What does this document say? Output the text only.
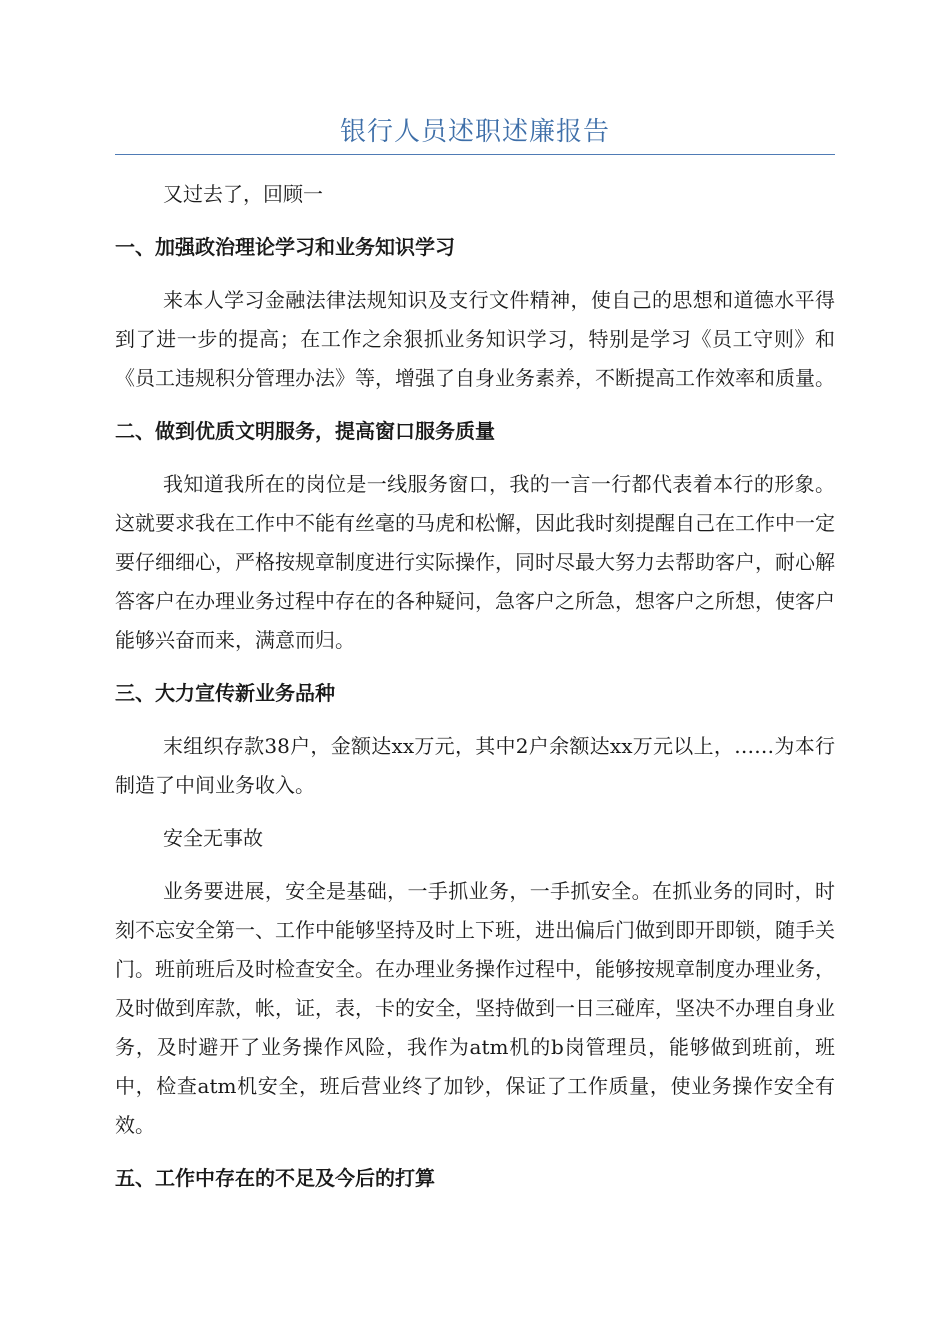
银行人员述职述廉报告

又过去了，回顾一

一、加强政治理论学习和业务知识学习

来本人学习金融法律法规知识及支行文件精神，使自己的思想和道德水平得到了进一步的提高；在工作之余狠抓业务知识学习，特别是学习《员工守则》和《员工违规积分管理办法》等，增强了自身业务素养，不断提高工作效率和质量。

二、做到优质文明服务，提高窗口服务质量

我知道我所在的岗位是一线服务窗口，我的一言一行都代表着本行的形象。这就要求我在工作中不能有丝毫的马虎和松懈，因此我时刻提醒自己在工作中一定要仔细细心，严格按规章制度进行实际操作，同时尽最大努力去帮助客户，耐心解答客户在办理业务过程中存在的各种疑问，急客户之所急，想客户之所想，使客户能够兴奋而来，满意而归。

三、大力宣传新业务品种

末组织存款38户，金额达xx万元，其中2户余额达xx万元以上，……为本行制造了中间业务收入。

安全无事故

业务要进展，安全是基础，一手抓业务，一手抓安全。在抓业务的同时，时刻不忘安全第一、工作中能够坚持及时上下班，进出偏后门做到即开即锁，随手关门。班前班后及时检查安全。在办理业务操作过程中，能够按规章制度办理业务，及时做到库款，帐，证，表，卡的安全，坚持做到一日三碰库，坚决不办理自身业务，及时避开了业务操作风险，我作为atm机的b岗管理员，能够做到班前，班中，检查atm机安全，班后营业终了加钞，保证了工作质量，使业务操作安全有效。

五、工作中存在的不足及今后的打算
